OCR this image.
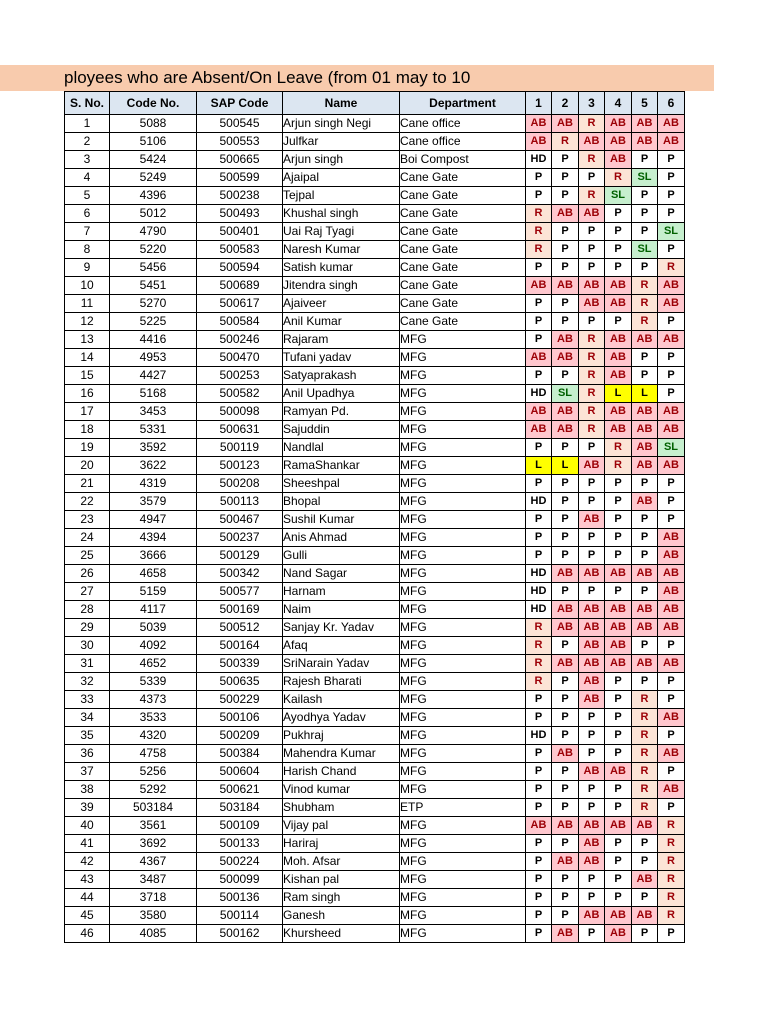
ployees who are Absent/On Leave (from 01 may to 10
S. No.	Code No.	SAP Code	Name	Department	1	2	3	4	5	6
1	5088	500545	Arjun singh Negi	Cane office	AB	AB	R	AB	AB	AB
2	5106	500553	Julfkar	Cane office	AB	R	AB	AB	AB	AB
3	5424	500665	Arjun singh	Boi Compost	HD	P	R	AB	P	P
4	5249	500599	Ajaipal	Cane Gate	P	P	P	R	SL	P
5	4396	500238	Tejpal	Cane Gate	P	P	R	SL	P	P
6	5012	500493	Khushal singh	Cane Gate	R	AB	AB	P	P	P
7	4790	500401	Uai Raj Tyagi	Cane Gate	R	P	P	P	P	SL
8	5220	500583	Naresh Kumar	Cane Gate	R	P	P	P	SL	P
9	5456	500594	Satish kumar	Cane Gate	P	P	P	P	P	R
10	5451	500689	Jitendra singh	Cane Gate	AB	AB	AB	AB	R	AB
11	5270	500617	Ajaiveer	Cane Gate	P	P	AB	AB	R	AB
12	5225	500584	Anil Kumar	Cane Gate	P	P	P	P	R	P
13	4416	500246	Rajaram	MFG	P	AB	R	AB	AB	AB
14	4953	500470	Tufani yadav	MFG	AB	AB	R	AB	P	P
15	4427	500253	Satyaprakash	MFG	P	P	R	AB	P	P
16	5168	500582	Anil Upadhya	MFG	HD	SL	R	L	L	P
17	3453	500098	Ramyan Pd.	MFG	AB	AB	R	AB	AB	AB
18	5331	500631	Sajuddin	MFG	AB	AB	R	AB	AB	AB
19	3592	500119	Nandlal	MFG	P	P	P	R	AB	SL
20	3622	500123	RamaShankar	MFG	L	L	AB	R	AB	AB
21	4319	500208	Sheeshpal	MFG	P	P	P	P	P	P
22	3579	500113	Bhopal	MFG	HD	P	P	P	AB	P
23	4947	500467	Sushil Kumar	MFG	P	P	AB	P	P	P
24	4394	500237	Anis Ahmad	MFG	P	P	P	P	P	AB
25	3666	500129	Gulli	MFG	P	P	P	P	P	AB
26	4658	500342	Nand Sagar	MFG	HD	AB	AB	AB	AB	AB
27	5159	500577	Harnam	MFG	HD	P	P	P	P	AB
28	4117	500169	Naim	MFG	HD	AB	AB	AB	AB	AB
29	5039	500512	Sanjay Kr. Yadav	MFG	R	AB	AB	AB	AB	AB
30	4092	500164	Afaq	MFG	R	P	AB	AB	P	P
31	4652	500339	SriNarain Yadav	MFG	R	AB	AB	AB	AB	AB
32	5339	500635	Rajesh Bharati	MFG	R	P	AB	P	P	P
33	4373	500229	Kailash	MFG	P	P	AB	P	R	P
34	3533	500106	Ayodhya Yadav	MFG	P	P	P	P	R	AB
35	4320	500209	Pukhraj	MFG	HD	P	P	P	R	P
36	4758	500384	Mahendra Kumar	MFG	P	AB	P	P	R	AB
37	5256	500604	Harish Chand	MFG	P	P	AB	AB	R	P
38	5292	500621	Vinod kumar	MFG	P	P	P	P	R	AB
39	503184	503184	Shubham	ETP	P	P	P	P	R	P
40	3561	500109	Vijay pal	MFG	AB	AB	AB	AB	AB	R
41	3692	500133	Hariraj	MFG	P	P	AB	P	P	R
42	4367	500224	Moh. Afsar	MFG	P	AB	AB	P	P	R
43	3487	500099	Kishan pal	MFG	P	P	P	P	AB	R
44	3718	500136	Ram singh	MFG	P	P	P	P	P	R
45	3580	500114	Ganesh	MFG	P	P	AB	AB	AB	R
46	4085	500162	Khursheed	MFG	P	AB	P	AB	P	P
